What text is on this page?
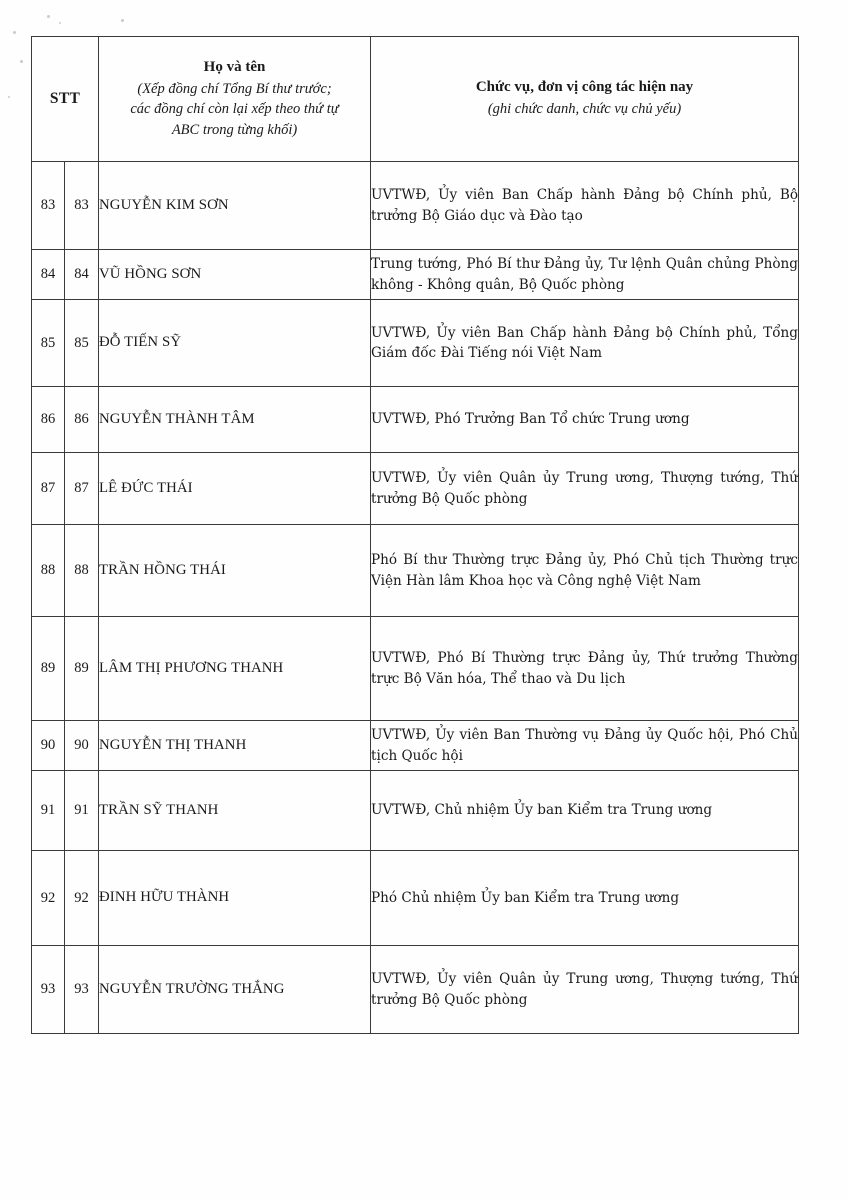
STT		Họ và tên
(Xếp đồng chí Tổng Bí thư trước;
các đồng chí còn lại xếp theo thứ tự
ABC trong từng khối)	Chức vụ, đơn vị công tác hiện nay
(ghi chức danh, chức vụ chủ yếu)

83	83	NGUYỄN KIM SƠN	UVTWĐ, Ủy viên Ban Chấp hành Đảng bộ Chính phủ, Bộ trưởng Bộ Giáo dục và Đào tạo

84	84	VŨ HỒNG SƠN	Trung tướng, Phó Bí thư Đảng ủy, Tư lệnh Quân chủng Phòng không - Không quân, Bộ Quốc phòng

85	85	ĐỖ TIẾN SỸ	UVTWĐ, Ủy viên Ban Chấp hành Đảng bộ Chính phủ, Tổng Giám đốc Đài Tiếng nói Việt Nam

86	86	NGUYỄN THÀNH TÂM	UVTWĐ, Phó Trưởng Ban Tổ chức Trung ương

87	87	LÊ ĐỨC THÁI	UVTWĐ, Ủy viên Quân ủy Trung ương, Thượng tướng, Thứ trưởng Bộ Quốc phòng

88	88	TRẦN HỒNG THÁI	Phó Bí thư Thường trực Đảng ủy, Phó Chủ tịch Thường trực Viện Hàn lâm Khoa học và Công nghệ Việt Nam

89	89	LÂM THỊ PHƯƠNG THANH	UVTWĐ, Phó Bí Thường trực Đảng ủy, Thứ trưởng Thường trực Bộ Văn hóa, Thể thao và Du lịch

90	90	NGUYỄN THỊ THANH	UVTWĐ, Ủy viên Ban Thường vụ Đảng ủy Quốc hội, Phó Chủ tịch Quốc hội

91	91	TRẦN SỸ THANH	UVTWĐ, Chủ nhiệm Ủy ban Kiểm tra Trung ương

92	92	ĐINH HỮU THÀNH	Phó Chủ nhiệm Ủy ban Kiểm tra Trung ương

93	93	NGUYỄN TRƯỜNG THẮNG	UVTWĐ, Ủy viên Quân ủy Trung ương, Thượng tướng, Thứ trưởng Bộ Quốc phòng
